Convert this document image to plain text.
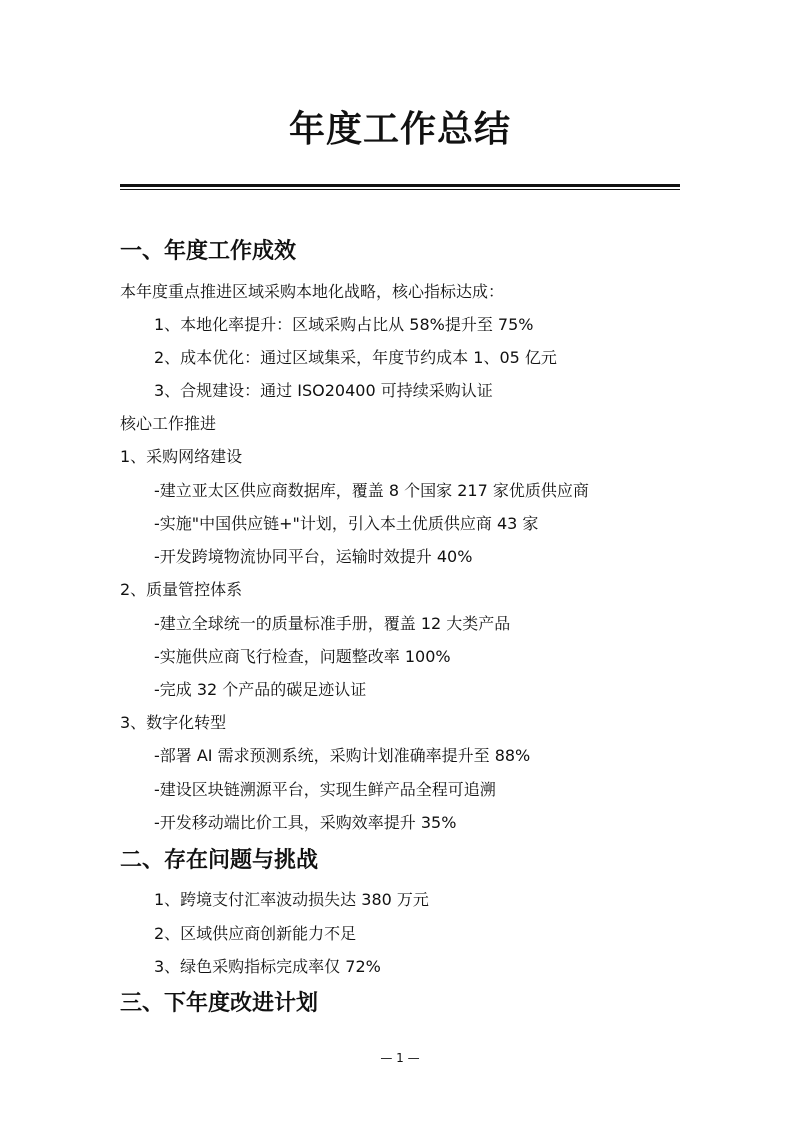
年度工作总结
一、年度工作成效
本年度重点推进区域采购本地化战略，核心指标达成：
1、本地化率提升：区域采购占比从 58%提升至 75%
2、成本优化：通过区域集采，年度节约成本 1、05 亿元
3、合规建设：通过 ISO20400 可持续采购认证
核心工作推进
1、采购网络建设
-建立亚太区供应商数据库，覆盖 8 个国家 217 家优质供应商
-实施"中国供应链+"计划，引入本土优质供应商 43 家
-开发跨境物流协同平台，运输时效提升 40%
2、质量管控体系
-建立全球统一的质量标准手册，覆盖 12 大类产品
-实施供应商飞行检查，问题整改率 100%
-完成 32 个产品的碳足迹认证
3、数字化转型
-部署 AI 需求预测系统，采购计划准确率提升至 88%
-建设区块链溯源平台，实现生鲜产品全程可追溯
-开发移动端比价工具，采购效率提升 35%
二、存在问题与挑战
1、跨境支付汇率波动损失达 380 万元
2、区域供应商创新能力不足
3、绿色采购指标完成率仅 72%
三、下年度改进计划
— 1 —
